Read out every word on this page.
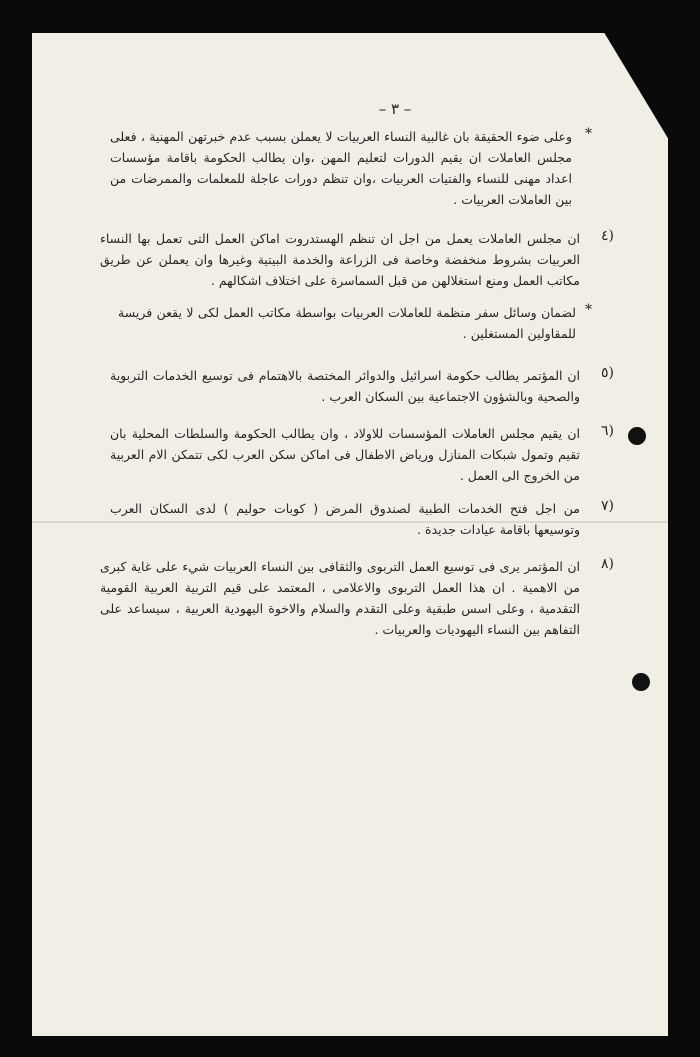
– ٣ –
وعلى ضوء الحقيقة بان غالبية النساء العربيات لا يعملن بسبب عدم خبرتهن المهنية ، فعلى مجلس العاملات ان يقيم الدورات لتعليم المهن ،وان يطالب الحكومة باقامة مؤسسات اعداد مهنى للنساء والفتيات العربيات ،وان تنظم دورات عاجلة للمعلمات والممرضات من بين العاملات العربيات .
*
ان مجلس العاملات يعمل من اجل ان تنظم الهستدروت اماكن العمل التى تعمل بها النساء العربيات بشروط منخفضة وخاصة فى الزراعة والخدمة البيتية وغيرها وان يعملن عن طريق مكاتب العمل ومنع استغلالهن من قبل السماسرة على اختلاف اشكالهم .
٤)
لضمان وسائل سفر منظمة للعاملات العربيات بواسطة مكاتب العمل لكى لا يقعن فريسة للمقاولين المستغلين .
*
ان المؤتمر يطالب حكومة اسرائيل والدوائر المختصة بالاهتمام فى توسيع الخدمات التربوية والصحية وبالشؤون الاجتماعية بين السكان العرب .
٥)
ان يقيم مجلس العاملات المؤسسات للاولاد ، وان يطالب الحكومة والسلطات المحلية بان تقيم وتمول شبكات المنازل ورياض الاطفال فى اماكن سكن العرب لكى تتمكن الام العربية من الخروج الى العمل .
٦)
من اجل فتح الخدمات الطبية لصندوق المرض ( كوبات حوليم ) لدى السكان العرب وتوسيعها باقامة عيادات جديدة .
٧)
ان المؤتمر يرى فى توسيع العمل التربوى والثقافى بين النساء العربيات شيء على غاية كبرى من الاهمية . ان هذا العمل التربوى والاعلامى ، المعتمد على قيم التربية العربية القومية التقدمية ، وعلى اسس طبقية وعلى التقدم والسلام والاخوة اليهودية العربية ، سيساعد على التفاهم بين النساء اليهوديات والعربيات .
٨)
